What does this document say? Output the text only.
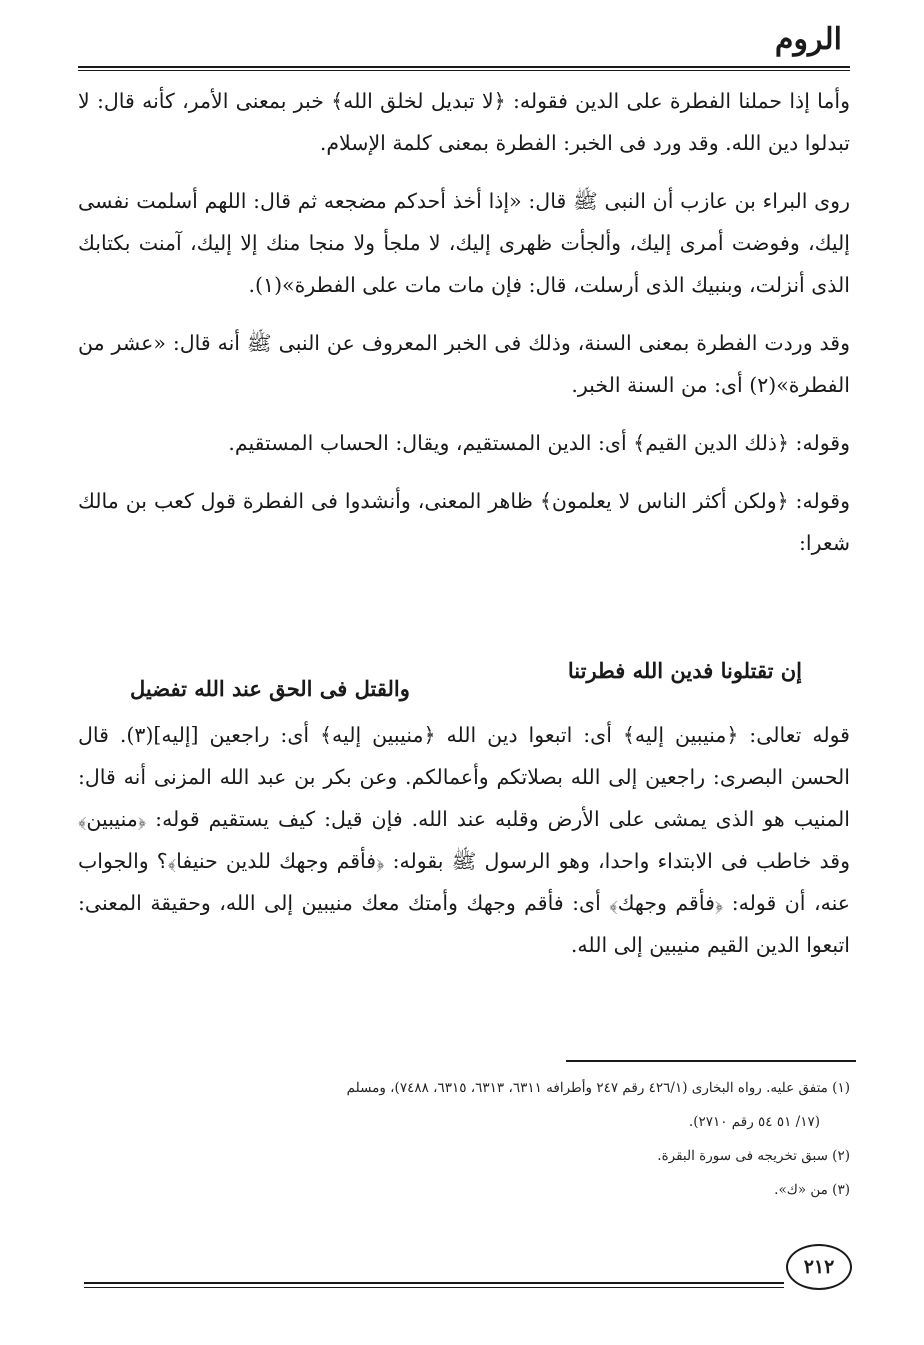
الروم

وأما إذا حملنا الفطرة على الدين فقوله: ﴿لا تبديل لخلق الله﴾ خبر بمعنى الأمر، كأنه قال: لا تبدلوا دين الله. وقد ورد فى الخبر: الفطرة بمعنى كلمة الإسلام.

روى البراء بن عازب أن النبى ﷺ قال: «إذا أخذ أحدكم مضجعه ثم قال: اللهم أسلمت نفسى إليك، وفوضت أمرى إليك، وألجأت ظهرى إليك، لا ملجأ ولا منجا منك إلا إليك، آمنت بكتابك الذى أنزلت، وبنبيك الذى أرسلت، قال: فإن مات مات على الفطرة»(١).

وقد وردت الفطرة بمعنى السنة، وذلك فى الخبر المعروف عن النبى ﷺ أنه قال: «عشر من الفطرة»(٢) أى: من السنة الخبر.

وقوله: ﴿ذلك الدين القيم﴾ أى: الدين المستقيم، ويقال: الحساب المستقيم.

وقوله: ﴿ولكن أكثر الناس لا يعلمون﴾ ظاهر المعنى، وأنشدوا فى الفطرة قول كعب بن مالك شعرا:

إن تقتلونا فدين الله فطرتنا
والقتل فى الحق عند الله تفضيل

قوله تعالى: ﴿منيبين إليه﴾ أى: اتبعوا دين الله ﴿منيبين إليه﴾ أى: راجعين [إليه](٣). قال الحسن البصرى: راجعين إلى الله بصلاتكم وأعمالكم. وعن بكر بن عبد الله المزنى أنه قال: المنيب هو الذى يمشى على الأرض وقلبه عند الله. فإن قيل: كيف يستقيم قوله: ﴿منيبين﴾ وقد خاطب فى الابتداء واحدا، وهو الرسول ﷺ بقوله: ﴿فأقم وجهك للدين حنيفا﴾؟ والجواب عنه، أن قوله: ﴿فأقم وجهك﴾ أى: فأقم وجهك وأمتك معك منيبين إلى الله، وحقيقة المعنى: اتبعوا الدين القيم منيبين إلى الله.

(١) متفق عليه. رواه البخارى (٤٢٦/١ رقم ٢٤٧ وأطرافه ٦٣١١، ٦٣١٣، ٦٣١٥، ٧٤٨٨)، ومسلم
(١٧/ ٥١ ٥٤ رقم ٢٧١٠).
(٢) سبق تخريجه فى سورة البقرة.
(٣) من «ك».
٢١٢
